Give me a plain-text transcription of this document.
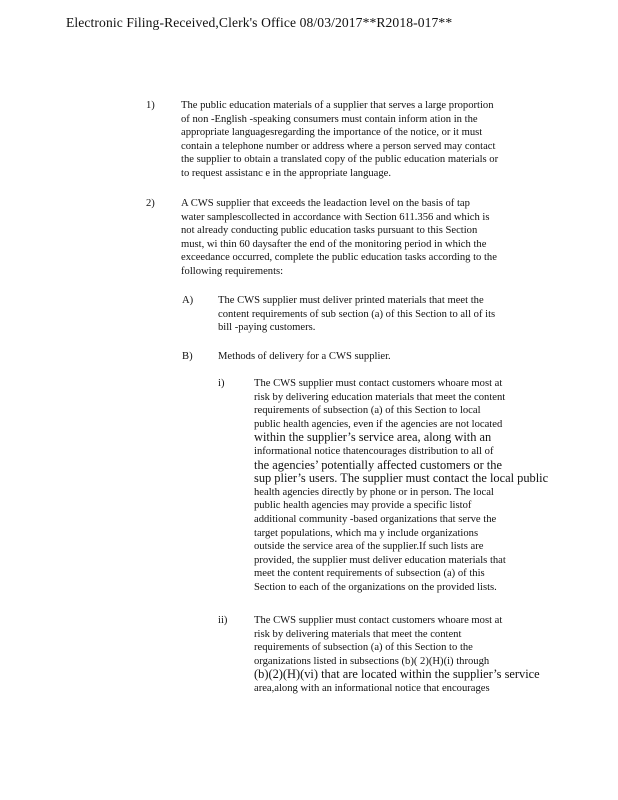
Electronic Filing-Received,Clerk's Office 08/03/2017**R2018-017**
1) The public education materials of a supplier that serves a large proportion
of non -English -speaking consumers must contain inform ation in the
appropriate languagesregarding the importance of the notice, or it must
contain a telephone number or address where a person served may contact
the supplier to obtain a translated copy of the public education materials or
to request assistanc e in the appropriate language.
2) A CWS supplier that exceeds the leadaction level on the basis of tap
water samplescollected in accordance with Section 611.356 and which is
not already conducting public education tasks pursuant to this Section
must, wi thin 60 daysafter the end of the monitoring period in which the
exceedance occurred, complete the public education tasks according to the
following requirements:
A) The CWS supplier must deliver printed materials that meet the
content requirements of sub section (a) of this Section to all of its
bill -paying customers.
B) Methods of delivery for a CWS supplier.
i)	The CWS supplier must contact customers whoare most at
risk by delivering education materials that meet the content
requirements of subsection (a) of this Section to local
public health agencies, even if the agencies are not located
within the supplier’s service area, along with an
informational notice thatencourages distribution to all of
the agencies’ potentially affected customers or the
sup plier’s users. The supplier must contact the local public
health agencies directly by phone or in person. The local
public health agencies may provide a specific listof
additional community -based organizations that serve the
target populations, which ma y include organizations
outside the service area of the supplier.If such lists are
provided, the supplier must deliver education materials that
meet the content requirements of subsection (a) of this
Section to each of the organizations on the provided lists.
ii)	The CWS supplier must contact customers whoare most at
risk by delivering materials that meet the content
requirements of subsection (a) of this Section to the
organizations listed in subsections (b)( 2)(H)(i) through
(b)(2)(H)(vi) that are located within the supplier’s service
area,along with an informational notice that encourages
